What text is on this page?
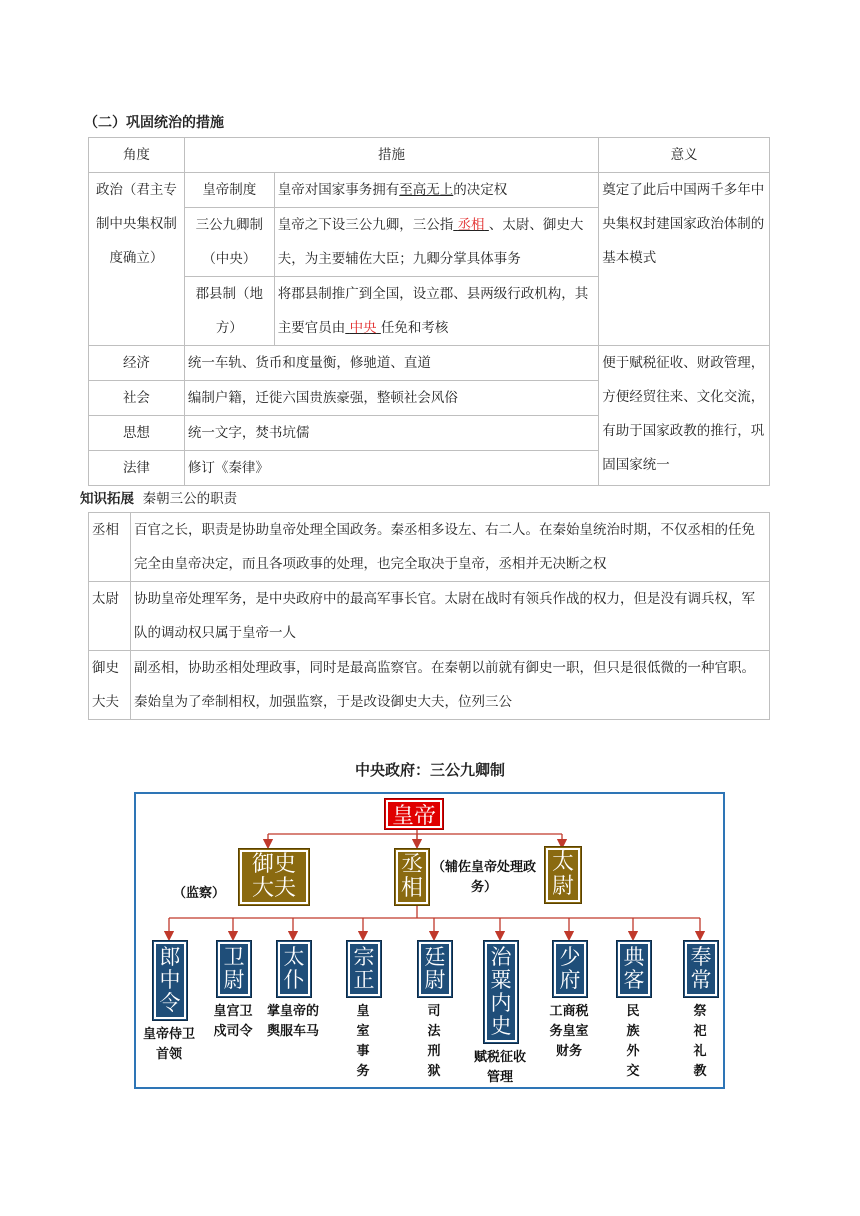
（二）巩固统治的措施
角度	措施		意义
政治（君主专制中央集权制度确立）	皇帝制度	皇帝对国家事务拥有至高无上的决定权	奠定了此后中国两千多年中央集权封建国家政治体制的基本模式
	三公九卿制（中央）	皇帝之下设三公九卿，三公指 丞相 、太尉、御史大夫，为主要辅佐大臣；九卿分掌具体事务	
	郡县制（地方）	将郡县制推广到全国，设立郡、县两级行政机构，其主要官员由 中央 任免和考核	
经济	统一车轨、货币和度量衡，修驰道、直道		便于赋税征收、财政管理，方便经贸往来、文化交流，有助于国家政教的推行，巩固国家统一
社会	编制户籍，迁徙六国贵族豪强，整顿社会风俗		
思想	统一文字，焚书坑儒		
法律	修订《秦律》		
知识拓展 秦朝三公的职责
丞相	百官之长，职责是协助皇帝处理全国政务。秦丞相多设左、右二人。在秦始皇统治时期，不仅丞相的任免完全由皇帝决定，而且各项政事的处理，也完全取决于皇帝，丞相并无决断之权
太尉	协助皇帝处理军务，是中央政府中的最高军事长官。太尉在战时有领兵作战的权力，但是没有调兵权，军队的调动权只属于皇帝一人
御史大夫	副丞相，协助丞相处理政事，同时是最高监察官。在秦朝以前就有御史一职，但只是很低微的一种官职。秦始皇为了牵制相权，加强监察，于是改设御史大夫，位列三公
中央政府：三公九卿制
皇帝
御史大夫
（监察）
丞相
（辅佐皇帝处理政务）
太尉
郎中令
皇帝侍卫首领
卫尉
皇宫卫戍司令
太仆
掌皇帝的舆服车马
宗正
皇室事务
廷尉
司法刑狱
治粟内史
赋税征收管理
少府
工商税务皇室财务
典客
民族外交
奉常
祭祀礼教
